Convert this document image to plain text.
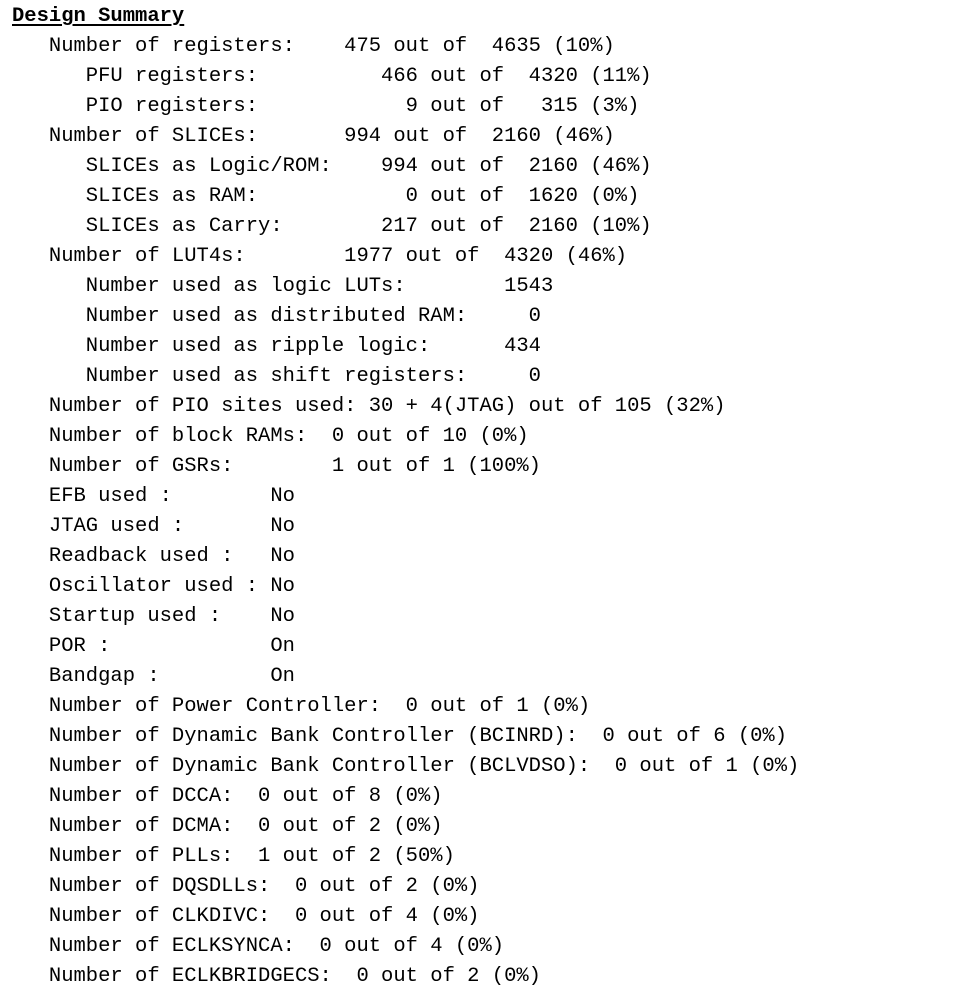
Design Summary
Number of registers:    475 out of  4635 (10%)
PFU registers:          466 out of  4320 (11%)
PIO registers:            9 out of   315 (3%)
Number of SLICEs:       994 out of  2160 (46%)
SLICEs as Logic/ROM:    994 out of  2160 (46%)
SLICEs as RAM:            0 out of  1620 (0%)
SLICEs as Carry:        217 out of  2160 (10%)
Number of LUT4s:        1977 out of  4320 (46%)
Number used as logic LUTs:        1543
Number used as distributed RAM:     0
Number used as ripple logic:      434
Number used as shift registers:     0
Number of PIO sites used: 30 + 4(JTAG) out of 105 (32%)
Number of block RAMs:  0 out of 10 (0%)
Number of GSRs:        1 out of 1 (100%)
EFB used :        No
JTAG used :       No
Readback used :   No
Oscillator used : No
Startup used :    No
POR :             On
Bandgap :         On
Number of Power Controller:  0 out of 1 (0%)
Number of Dynamic Bank Controller (BCINRD):  0 out of 6 (0%)
Number of Dynamic Bank Controller (BCLVDSO):  0 out of 1 (0%)
Number of DCCA:  0 out of 8 (0%)
Number of DCMA:  0 out of 2 (0%)
Number of PLLs:  1 out of 2 (50%)
Number of DQSDLLs:  0 out of 2 (0%)
Number of CLKDIVC:  0 out of 4 (0%)
Number of ECLKSYNCA:  0 out of 4 (0%)
Number of ECLKBRIDGECS:  0 out of 2 (0%)
